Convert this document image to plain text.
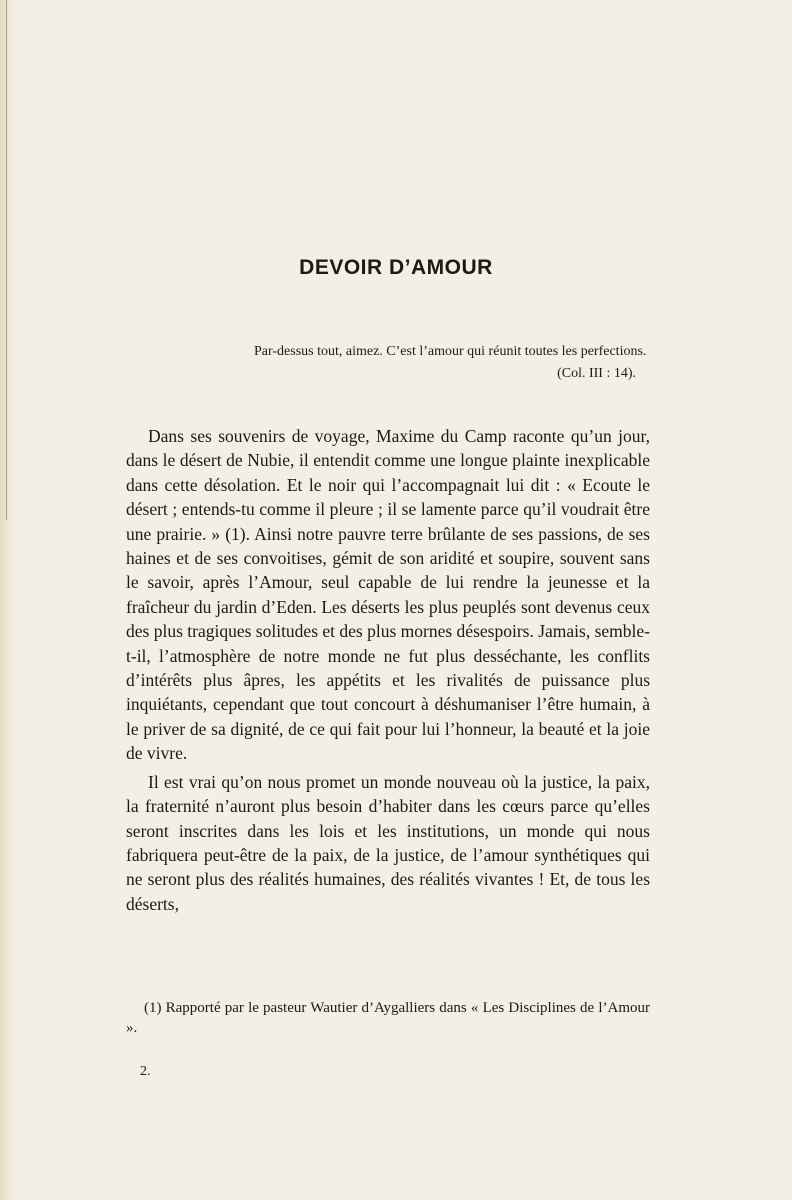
DEVOIR D’AMOUR

Par-dessus tout, aimez. C’est l’amour qui réunit toutes les perfections.

(Col. III : 14).

Dans ses souvenirs de voyage, Maxime du Camp raconte qu’un jour, dans le désert de Nubie, il entendit comme une longue plainte inexplicable dans cette désolation. Et le noir qui l’accompagnait lui dit : « Ecoute le désert ; entends-tu comme il pleure ; il se lamente parce qu’il voudrait être une prairie. » (1). Ainsi notre pauvre terre brûlante de ses passions, de ses haines et de ses convoitises, gémit de son aridité et soupire, souvent sans le savoir, après l’Amour, seul capable de lui rendre la jeunesse et la fraîcheur du jardin d’Eden. Les déserts les plus peuplés sont devenus ceux des plus tragiques solitudes et des plus mornes désespoirs. Jamais, semble-t-il, l’atmosphère de notre monde ne fut plus desséchante, les conflits d’intérêts plus âpres, les appétits et les rivalités de puissance plus inquiétants, cependant que tout concourt à déshumaniser l’être humain, à le priver de sa dignité, de ce qui fait pour lui l’honneur, la beauté et la joie de vivre.

Il est vrai qu’on nous promet un monde nouveau où la justice, la paix, la fraternité n’auront plus besoin d’habiter dans les cœurs parce qu’elles seront inscrites dans les lois et les institutions, un monde qui nous fabriquera peut-être de la paix, de la justice, de l’amour synthétiques qui ne seront plus des réalités humaines, des réalités vivantes ! Et, de tous les déserts,

(1) Rapporté par le pasteur Wautier d’Aygalliers dans « Les Disciplines de l’Amour ».

2.
